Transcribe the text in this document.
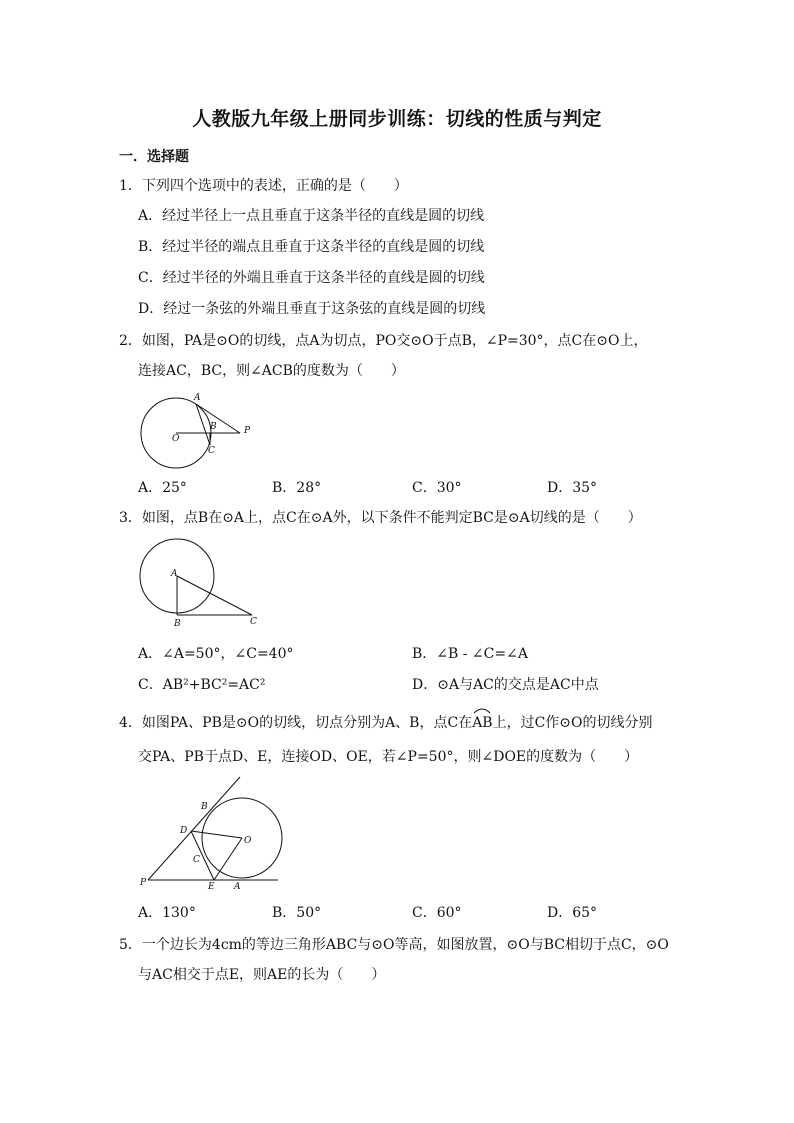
人教版九年级上册同步训练：切线的性质与判定
一．选择题
1．下列四个选项中的表述，正确的是（　　）
A．经过半径上一点且垂直于这条半径的直线是圆的切线
B．经过半径的端点且垂直于这条半径的直线是圆的切线
C．经过半径的外端且垂直于这条半径的直线是圆的切线
D．经过一条弦的外端且垂直于这条弦的直线是圆的切线
2．如图，PA是⊙O的切线，点A为切点，PO交⊙O于点B，∠P=30°，点C在⊙O上，
连接AC，BC，则∠ACB的度数为（　　）
A
B
C
O
P
A．25°	B．28°	C．30°	D．35°
3．如图，点B在⊙A上，点C在⊙A外，以下条件不能判定BC是⊙A切线的是（　　）
A
B	C
A．∠A=50°，∠C=40°	B．∠B - ∠C=∠A
C．AB²+BC²=AC²	D．⊙A与AC的交点是AC中点
4．如图PA、PB是⊙O的切线，切点分别为A、B，点C在
AB上，过C作⊙O的切线分别
交PA、PB于点D、E，连接OD、OE，若∠P=50°，则∠DOE的度数为（　　）
B
D
O
C
P	E A
A．130°	B．50°	C．60°	D．65°
5．一个边长为4cm的等边三角形ABC与⊙O等高，如图放置，⊙O与BC相切于点C，⊙O
与AC相交于点E，则AE的长为（　　）
